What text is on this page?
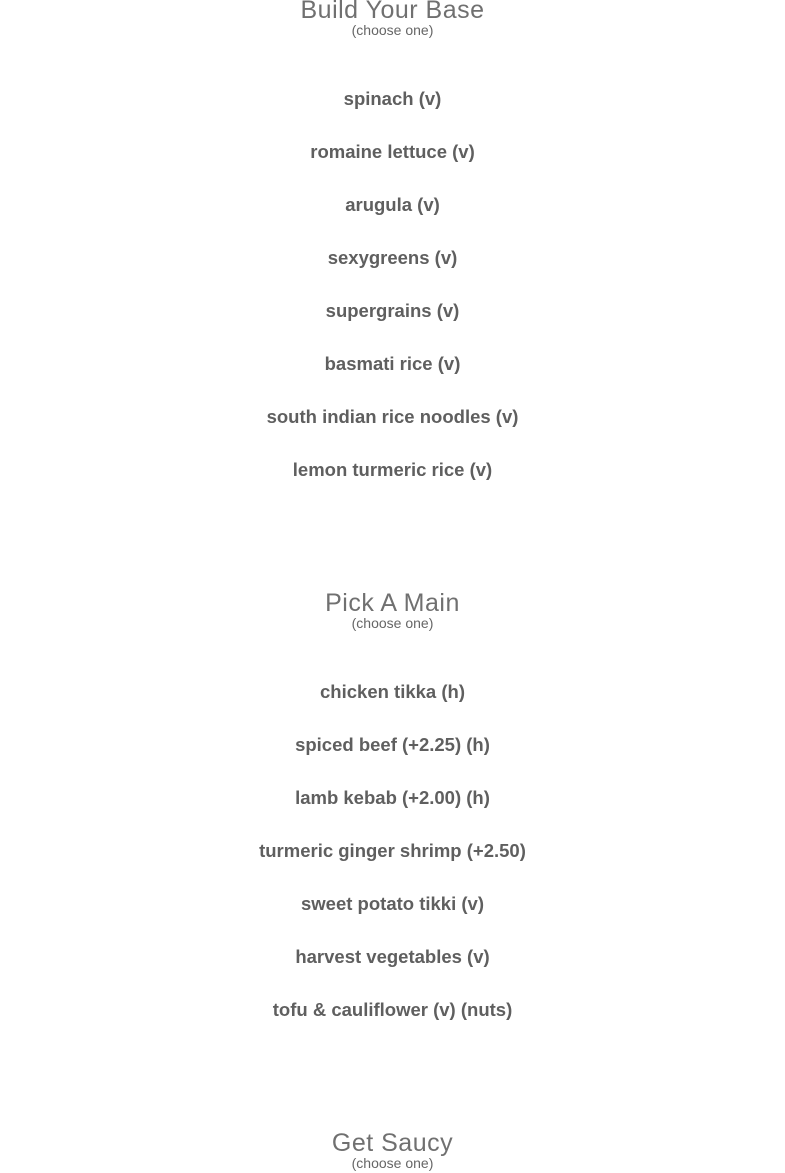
Build Your Base
(choose one)
spinach (v)
romaine lettuce (v)
arugula (v)
sexygreens (v)
supergrains (v)
basmati rice (v)
south indian rice noodles (v)
lemon turmeric rice (v)
Pick A Main
(choose one)
chicken tikka (h)
spiced beef (+2.25) (h)
lamb kebab (+2.00) (h)
turmeric ginger shrimp (+2.50)
sweet potato tikki (v)
harvest vegetables (v)
tofu & cauliflower (v) (nuts)
Get Saucy
(choose one)
